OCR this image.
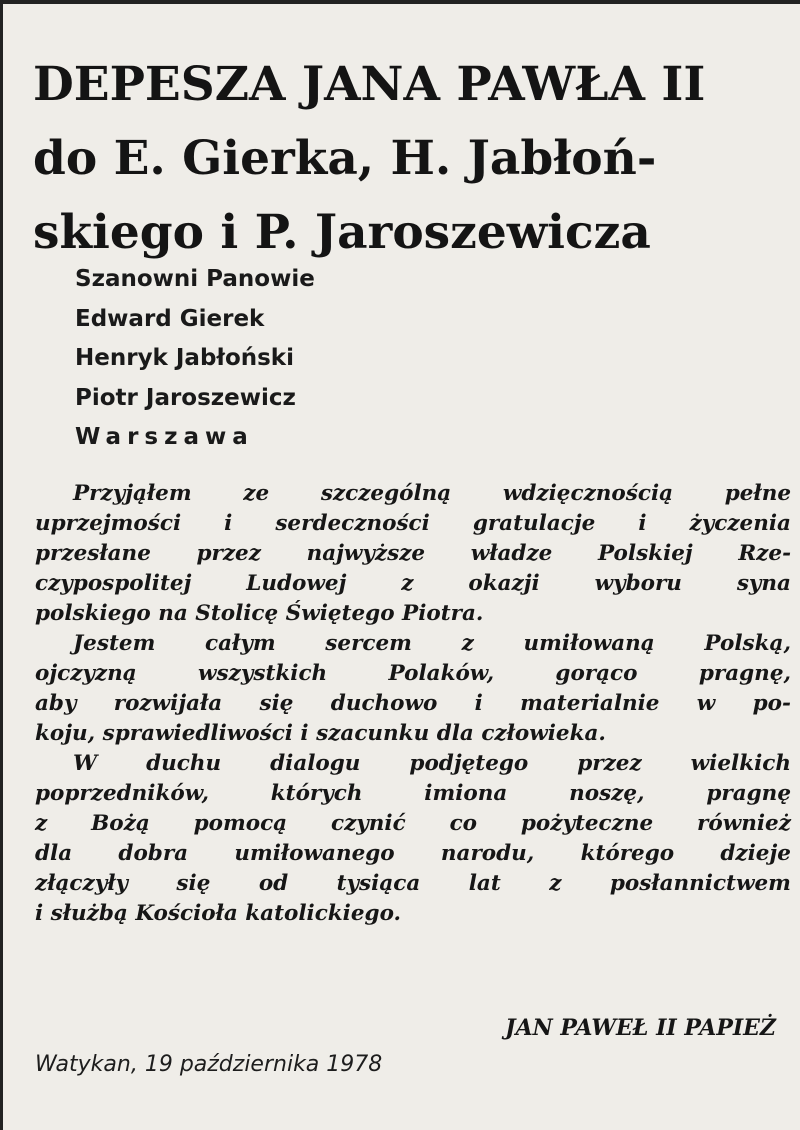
DEPESZA JANA PAWŁA II
do E. Gierka, H. Jabłoń-
skiego i P. Jaroszewicza
Szanowni Panowie
Edward Gierek
Henryk Jabłoński
Piotr Jaroszewicz
Warszawa
Przyjąłem ze szczególną wdzięcznością pełne
uprzejmości i serdeczności gratulacje i życzenia
przesłane przez najwyższe władze Polskiej Rze-
czypospolitej	Ludowej	z	okazji	wyboru	syna
polskiego na Stolicę Świętego Piotra.
Jestem całym sercem z umiłowaną Polską,
ojczyzną	wszystkich	Polaków,	gorąco	pragnę,
aby rozwijała się duchowo i materialnie w po-
koju, sprawiedliwości i szacunku dla człowieka.
W duchu dialogu podjętego przez wielkich
poprzedników,	których	imiona	noszę,	pragnę
z Bożą pomocą czynić co pożyteczne również
dla dobra umiłowanego narodu, którego dzieje
złączyły się od tysiąca lat z posłannictwem
i służbą Kościoła katolickiego.
JAN PAWEŁ II PAPIEŻ
Watykan, 19 października 1978
